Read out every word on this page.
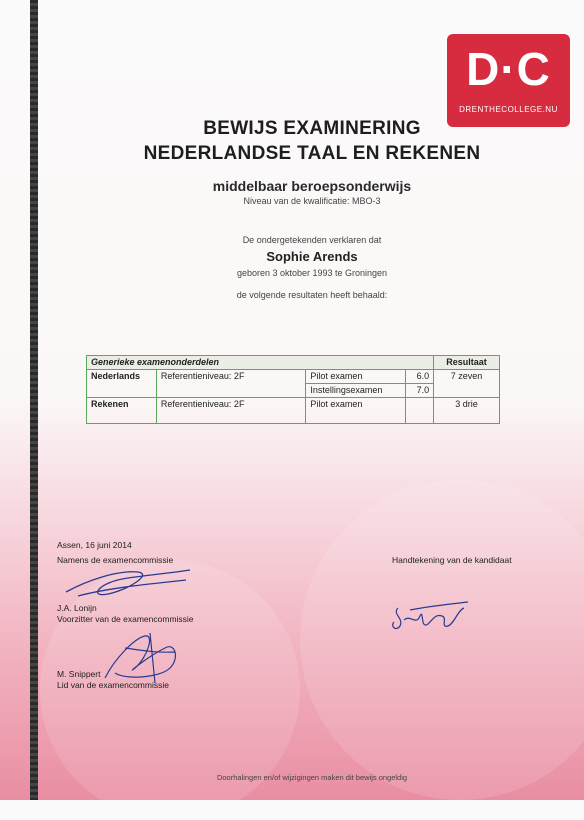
D·C
DRENTHECOLLEGE.NU
BEWIJS EXAMINERING
NEDERLANDSE TAAL EN REKENEN
middelbaar beroepsonderwijs
Niveau van de kwalificatie: MBO-3
De ondergetekenden verklaren dat
Sophie Arends
geboren 3 oktober 1993 te Groningen
de volgende resultaten heeft behaald:
Generieke examenonderdelen				Resultaat
Nederlands	Referentieniveau: 2F	Pilot examen	6.0	7 zeven
		Instellingsexamen	7.0	
Rekenen	Referentieniveau: 2F	Pilot examen		3 drie
Assen, 16 juni 2014
Namens de examencommissie
J.A. Lonijn
Voorzitter van de examencommissie
M. Snippert
Lid van de examencommissie
Handtekening van de kandidaat
Doorhalingen en/of wijzigingen maken dit bewijs ongeldig
